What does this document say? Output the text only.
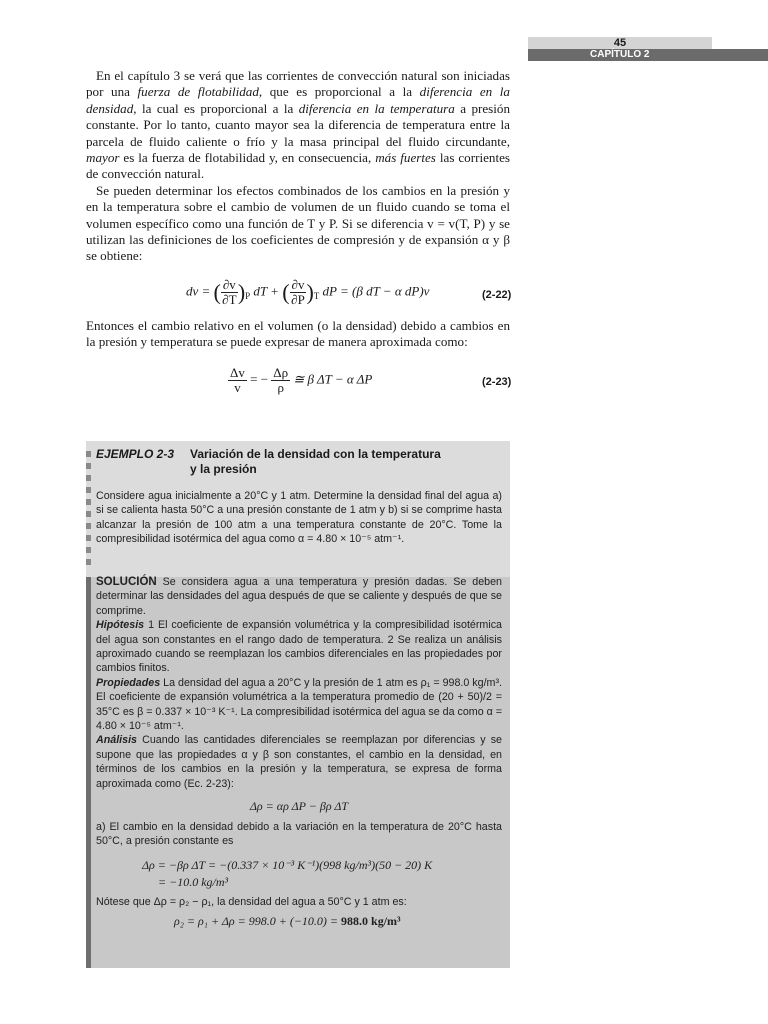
45
CAPÍTULO 2

En el capítulo 3 se verá que las corrientes de convección natural son iniciadas por una fuerza de flotabilidad, que es proporcional a la diferencia en la densidad, la cual es proporcional a la diferencia en la temperatura a presión constante. Por lo tanto, cuanto mayor sea la diferencia de temperatura entre la parcela de fluido caliente o frío y la masa principal del fluido circundante, mayor es la fuerza de flotabilidad y, en consecuencia, más fuertes las corrientes de convección natural.

Se pueden determinar los efectos combinados de los cambios en la presión y en la temperatura sobre el cambio de volumen de un fluido cuando se toma el volumen específico como una función de T y P. Si se diferencia v = v(T, P) y se utilizan las definiciones de los coeficientes de compresión y de expansión α y β se obtiene:

dv = ( $\frac{\partial v}{\partial T} )_P$ dT + ( $\frac{\partial v}{\partial P} )_T$ dP = (β dT − α dP)v	(2-22)

Entonces el cambio relativo en el volumen (o la densidad) debido a cambios en la presión y temperatura se puede expresar de manera aproximada como:

$\frac{\Delta v}{v}$ = − $\frac{\Delta\rho}{\rho}$ ≅ β ΔT − α ΔP	(2-23)
EJEMPLO 2-3 Variación de la densidad con la temperatura
y la presión

Considere agua inicialmente a 20°C y 1 atm. Determine la densidad final del agua a) si se calienta hasta 50°C a una presión constante de 1 atm y b) si se comprime hasta alcanzar la presión de 100 atm a una temperatura constante de 20°C. Tome la compresibilidad isotérmica del agua como α = 4.80 × 10⁻⁵ atm⁻¹.

SOLUCIÓN Se considera agua a una temperatura y presión dadas. Se deben determinar las densidades del agua después de que se caliente y después de que se comprime.

Hipótesis 1 El coeficiente de expansión volumétrica y la compresibilidad isotérmica del agua son constantes en el rango dado de temperatura. 2 Se realiza un análisis aproximado cuando se reemplazan los cambios diferenciales en las propiedades por cambios finitos.

Propiedades La densidad del agua a 20°C y la presión de 1 atm es ρ₁ = 998.0 kg/m³. El coeficiente de expansión volumétrica a la temperatura promedio de (20 + 50)/2 = 35°C es β = 0.337 × 10⁻³ K⁻¹. La compresibilidad isotérmica del agua se da como α = 4.80 × 10⁻⁵ atm⁻¹.

Análisis Cuando las cantidades diferenciales se reemplazan por diferencias y se supone que las propiedades α y β son constantes, el cambio en la densidad, en términos de los cambios en la presión y la temperatura, se expresa de forma aproximada como (Ec. 2-23):

Δρ = αρ ΔP − βρ ΔT

a) El cambio en la densidad debido a la variación en la temperatura de 20°C hasta 50°C, a presión constante es

Δρ = −βρ ΔT = −(0.337 × 10⁻³ K⁻¹)(998 kg/m³)(50 − 20) K
= −10.0 kg/m³

Nótese que Δρ = ρ₂ − ρ₁, la densidad del agua a 50°C y 1 atm es:

ρ₂ = ρ₁ + Δρ = 998.0 + (−10.0) = 988.0 kg/m³
